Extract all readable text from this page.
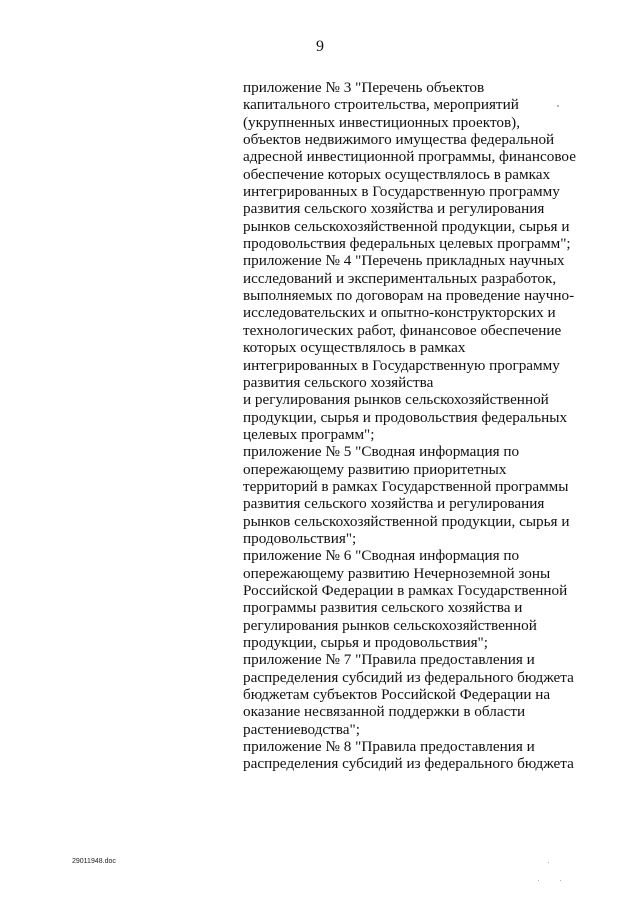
9
приложение № 3 "Перечень объектов
капитального строительства, мероприятий
(укрупненных инвестиционных проектов),
объектов недвижимого имущества федеральной
адресной инвестиционной программы, финансовое
обеспечение которых осуществлялось в рамках
интегрированных в Государственную программу
развития сельского хозяйства и регулирования
рынков сельскохозяйственной продукции, сырья и
продовольствия федеральных целевых программ";
приложение № 4 "Перечень прикладных научных
исследований и экспериментальных разработок,
выполняемых по договорам на проведение научно-
исследовательских и опытно-конструкторских и
технологических работ, финансовое обеспечение
которых осуществлялось в рамках
интегрированных в Государственную программу
развития сельского хозяйства
и регулирования рынков сельскохозяйственной
продукции, сырья и продовольствия федеральных
целевых программ";
приложение № 5 "Сводная информация по
опережающему развитию приоритетных
территорий в рамках Государственной программы
развития сельского хозяйства и регулирования
рынков сельскохозяйственной продукции, сырья и
продовольствия";
приложение № 6 "Сводная информация по
опережающему развитию Нечерноземной зоны
Российской Федерации в рамках Государственной
программы развития сельского хозяйства и
регулирования рынков сельскохозяйственной
продукции, сырья и продовольствия";
приложение № 7 "Правила предоставления и
распределения субсидий из федерального бюджета
бюджетам субъектов Российской Федерации на
оказание несвязанной поддержки в области
растениеводства";
приложение № 8 "Правила предоставления и
распределения субсидий из федерального бюджета
29011948.doc
